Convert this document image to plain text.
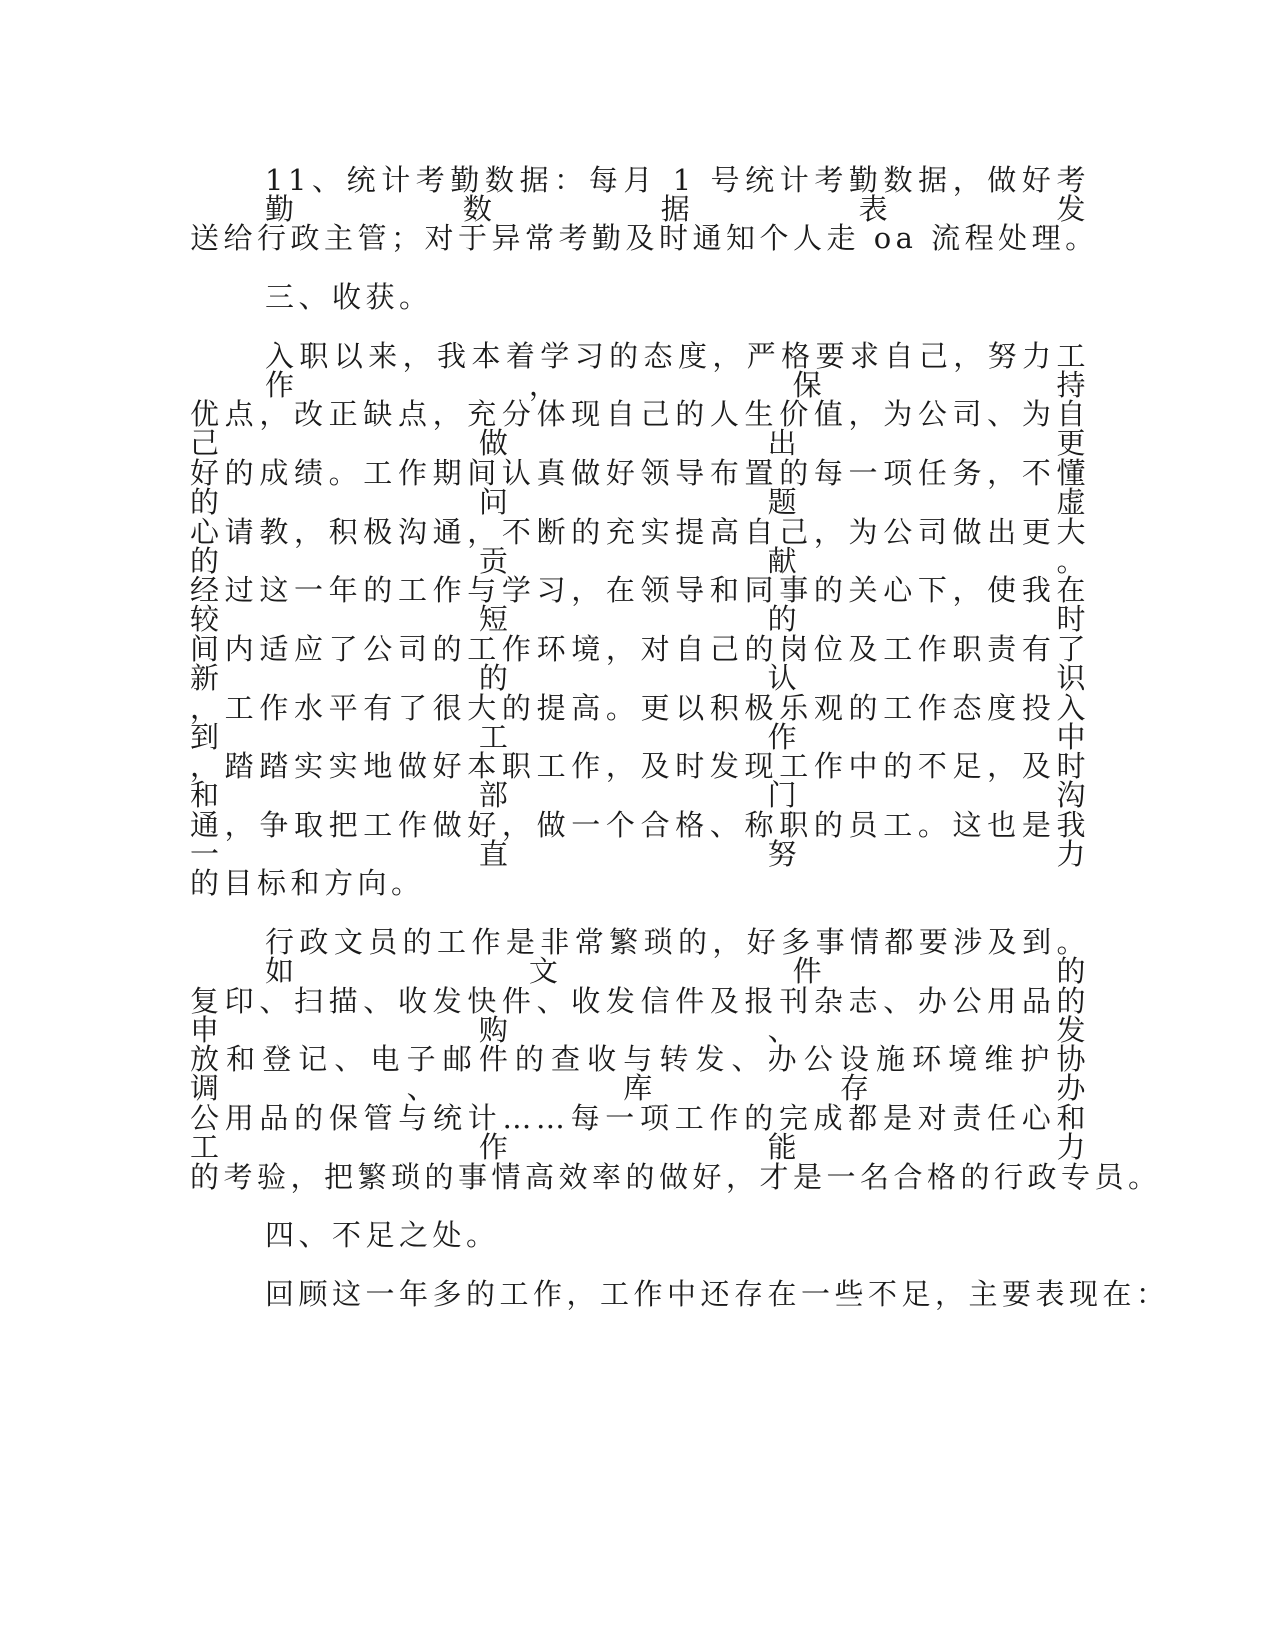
11、统计考勤数据：每月 1 号统计考勤数据，做好考勤数据表发
送给行政主管；对于异常考勤及时通知个人走 oa 流程处理。
三、收获。
入职以来，我本着学习的态度，严格要求自己，努力工作，保持
优点，改正缺点，充分体现自己的人生价值，为公司、为自己做出更
好的成绩。工作期间认真做好领导布置的每一项任务，不懂的问题虚
心请教，积极沟通，不断的充实提高自己，为公司做出更大的贡献。
经过这一年的工作与学习，在领导和同事的关心下，使我在较短的时
间内适应了公司的工作环境，对自己的岗位及工作职责有了新的认识
，工作水平有了很大的提高。更以积极乐观的工作态度投入到工作中
，踏踏实实地做好本职工作，及时发现工作中的不足，及时和部门沟
通，争取把工作做好，做一个合格、称职的员工。这也是我一直努力
的目标和方向。
行政文员的工作是非常繁琐的，好多事情都要涉及到。如文件的
复印、扫描、收发快件、收发信件及报刊杂志、办公用品的申购、发
放和登记、电子邮件的查收与转发、办公设施环境维护协调、库存办
公用品的保管与统计……每一项工作的完成都是对责任心和工作能力
的考验，把繁琐的事情高效率的做好，才是一名合格的行政专员。
四、不足之处。
回顾这一年多的工作，工作中还存在一些不足，主要表现在：
